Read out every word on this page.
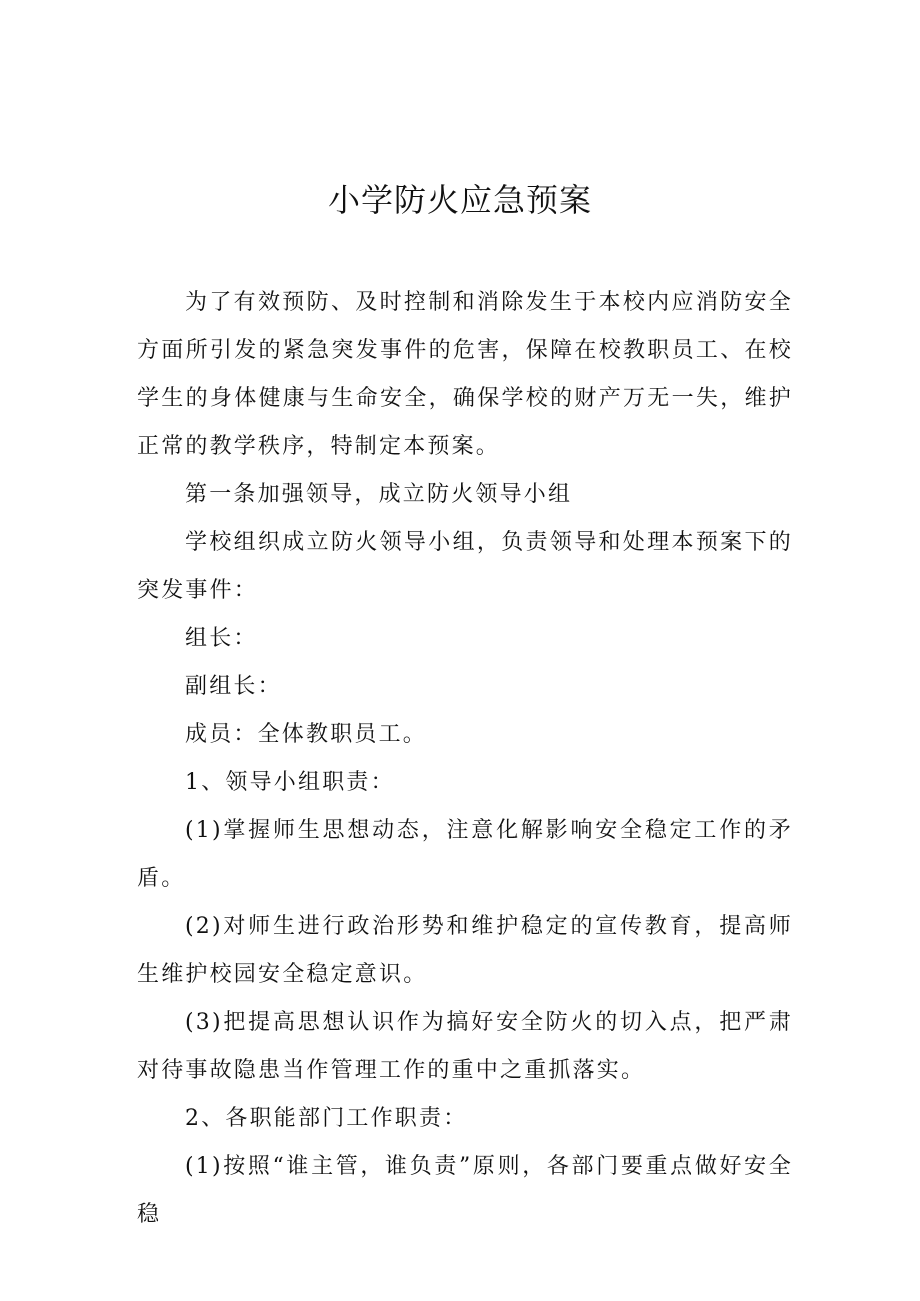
小学防火应急预案

为了有效预防、及时控制和消除发生于本校内应消防安全方面所引发的紧急突发事件的危害，保障在校教职员工、在校学生的身体健康与生命安全，确保学校的财产万无一失，维护正常的教学秩序，特制定本预案。

第一条加强领导，成立防火领导小组

学校组织成立防火领导小组，负责领导和处理本预案下的突发事件：

组长：

副组长：

成员：全体教职员工。

1、领导小组职责：

(1)掌握师生思想动态，注意化解影响安全稳定工作的矛盾。

(2)对师生进行政治形势和维护稳定的宣传教育，提高师生维护校园安全稳定意识。

(3)把提高思想认识作为搞好安全防火的切入点，把严肃对待事故隐患当作管理工作的重中之重抓落实。

2、各职能部门工作职责：

(1)按照“谁主管，谁负责”原则，各部门要重点做好安全稳
